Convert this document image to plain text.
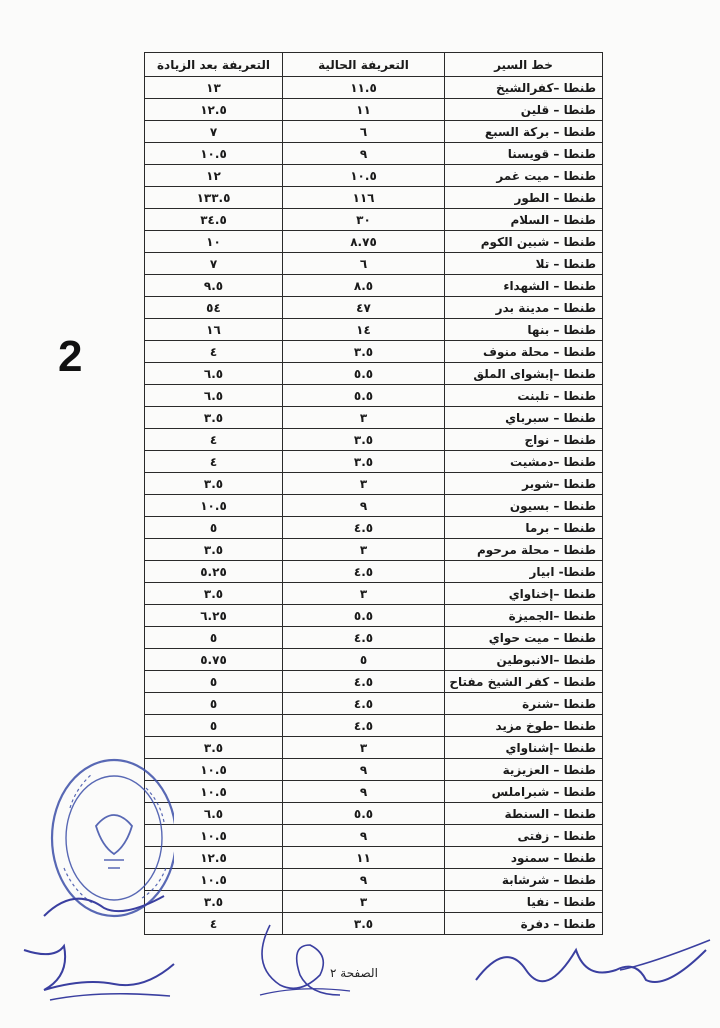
2
خط السير	التعريفة الحالية	التعريفة بعد الزيادة
طنطا –كفرالشيخ	١١.٥	١٣
طنطا – قلين	١١	١٢.٥
طنطا – بركة السبع	٦	٧
طنطا – قويسنا	٩	١٠.٥
طنطا – ميت غمر	١٠.٥	١٢
طنطا – الطور	١١٦	١٣٣.٥
طنطا – السلام	٣٠	٣٤.٥
طنطا – شبين الكوم	٨.٧٥	١٠
طنطا – تلا	٦	٧
طنطا – الشهداء	٨.٥	٩.٥
طنطا – مدينة بدر	٤٧	٥٤
طنطا – بنها	١٤	١٦
طنطا – محلة منوف	٣.٥	٤
طنطا –إبشواى الملق	٥.٥	٦.٥
طنطا – تلبنت	٥.٥	٦.٥
طنطا – سبرباي	٣	٣.٥
طنطا – نواج	٣.٥	٤
طنطا –دمشيت	٣.٥	٤
طنطا –شوبر	٣	٣.٥
طنطا – بسيون	٩	١٠.٥
طنطا – برما	٤.٥	٥
طنطا – محلة مرحوم	٣	٣.٥
طنطا- ابيار	٤.٥	٥.٢٥
طنطا –إخناواي	٣	٣.٥
طنطا –الجميزة	٥.٥	٦.٢٥
طنطا – ميت حواي	٤.٥	٥
طنطا –الانبوطين	٥	٥.٧٥
طنطا – كفر الشيخ مفتاح	٤.٥	٥
طنطا –شنرة	٤.٥	٥
طنطا –طوخ مزيد	٤.٥	٥
طنطا –إشناواي	٣	٣.٥
طنطا – العزيزية	٩	١٠.٥
طنطا – شبراملس	٩	١٠.٥
طنطا – السنطة	٥.٥	٦.٥
طنطا – زفتى	٩	١٠.٥
طنطا – سمنود	١١	١٢.٥
طنطا – شرشابة	٩	١٠.٥
طنطا – نفيا	٣	٣.٥
طنطا – دفرة	٣.٥	٤
الصفحة ٢
